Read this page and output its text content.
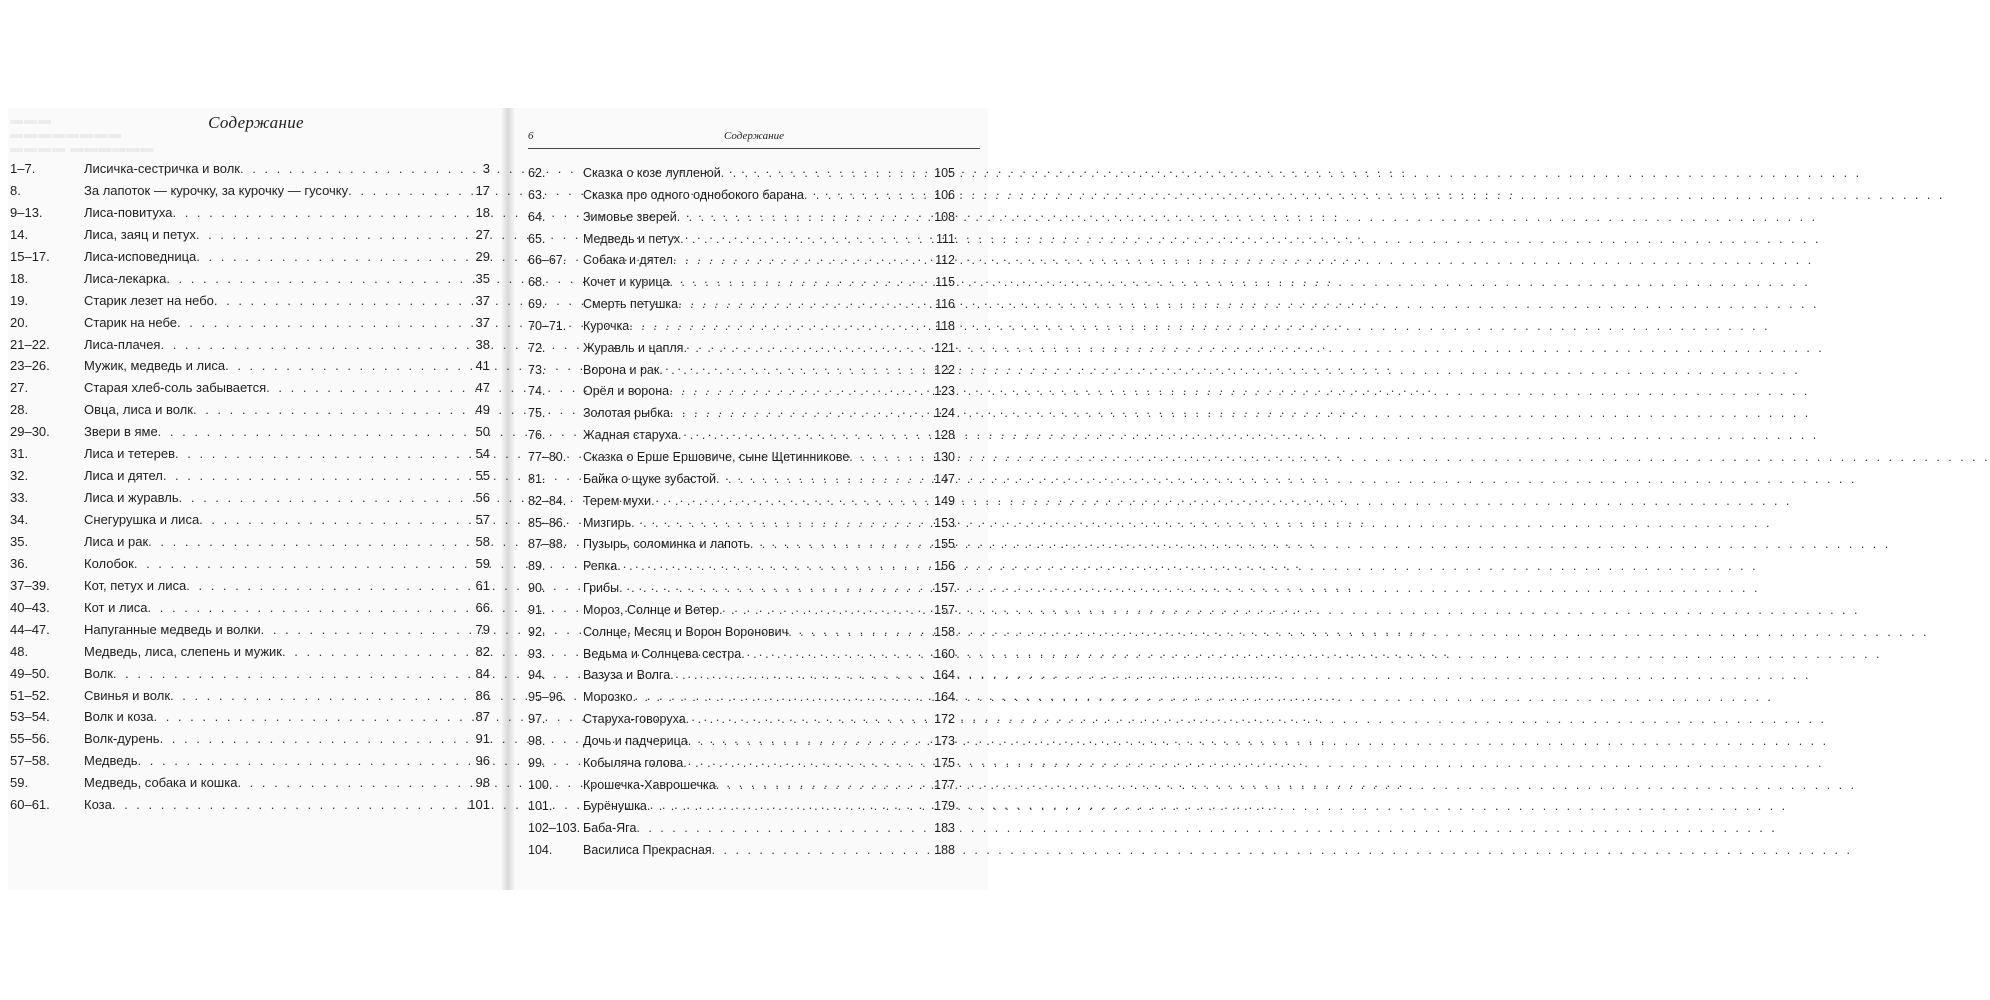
▬▬▬ ▬▬▬▬▬▬▬▬
▬▬▬▬ ▬▬▬▬▬▬
Содержание
6	Содержание
1–7.	Лисичка-сестричка и волк . . .	3
8.	За лапоток — курочку, за курочку — гусочку . . .	17
9–13.	Лиса-повитуха . . .	18
14.	Лиса, заяц и петух . . .	27
15–17.	Лиса-исповедница . . .	29
18.	Лиса-лекарка . . .	35
19.	Старик лезет на небо . . .	37
20.	Старик на небе . . .	37
21–22.	Лиса-плачея . . .	38
23–26.	Мужик, медведь и лиса . . .	41
27.	Старая хлеб-соль забывается . . .	47
28.	Овца, лиса и волк . . .	49
29–30.	Звери в яме . . .	50
31.	Лиса и тетерев . . .	54
32.	Лиса и дятел . . .	55
33.	Лиса и журавль . . .	56
34.	Снегурушка и лиса . . .	57
35.	Лиса и рак . . .	58
36.	Колобок . . .	59
37–39.	Кот, петух и лиса . . .	61
40–43.	Кот и лиса . . .	66
44–47.	Напуганные медведь и волки . . .	79
48.	Медведь, лиса, слепень и мужик . . .	82
49–50.	Волк . . .	84
51–52.	Свинья и волк . . .	86
53–54.	Волк и коза . . .	87
55–56.	Волк-дурень . . .	91
57–58.	Медведь . . .	96
59.	Медведь, собака и кошка . . .	98
60–61.	Коза . . .	101
62.	Сказка о козе лупленой . . .	105
63.	Сказка про одного однобокого барана . . .	106
64.	Зимовье зверей . . .	108
65.	Медведь и петух . . .	111
66–67.	Собака и дятел . . .	112
68.	Кочет и курица . . .	115
69.	Смерть петушка . . .	116
70–71.	Курочка . . .	118
72.	Журавль и цапля . . .	121
73.	Ворона и рак . . .	122
74.	Орёл и ворона . . .	123
75.	Золотая рыбка . . .	124
76.	Жадная старуха . . .	128
77–80.	Сказка о Ерше Ершовиче, сыне Щетинникове . . .	130
81.	Байка о щуке зубастой . . .	147
82–84.	Терем мухи . . .	149
85–86.	Мизгирь . . .	153
87–88.	Пузырь, соломинка и лапоть . . .	155
89.	Репка . . .	156
90.	Грибы . . .	157
91.	Мороз, Солнце и Ветер . . .	157
92.	Солнце, Месяц и Ворон Воронович . . .	158
93.	Ведьма и Солнцева сестра . . .	160
94.	Вазуза и Волга . . .	164
95–96.	Морозко . . .	164
97.	Старуха-говоруха . . .	172
98.	Дочь и падчерица . . .	173
99.	Кобыляча голова . . .	175
100.	Крошечка-Хаврошечка . . .	177
101.	Бурёнушка . . .	179
102–103. Баба-Яга . . .	183
104.	Василиса Прекрасная . . .	188
